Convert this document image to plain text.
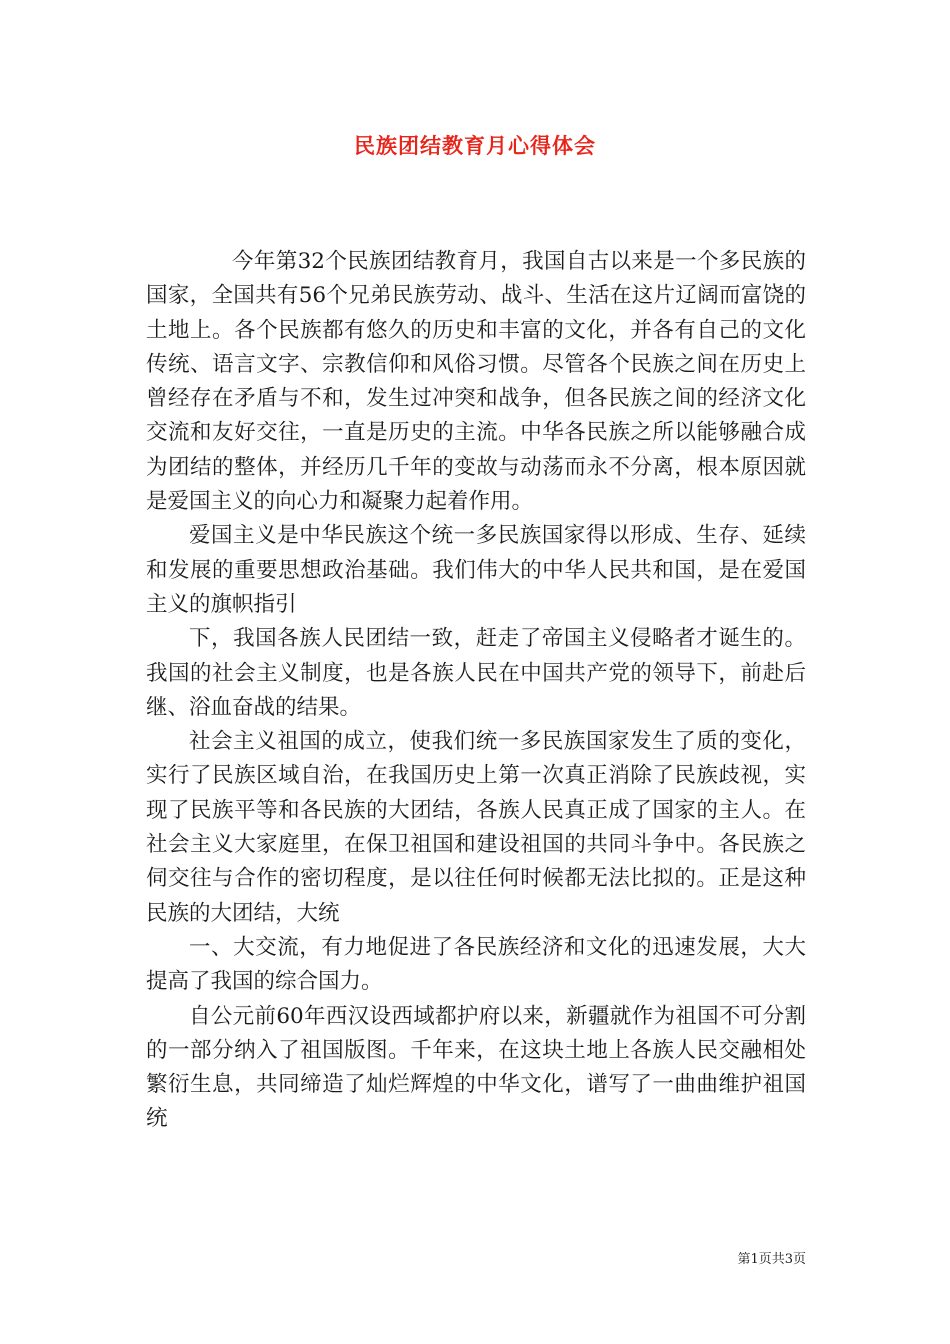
民族团结教育月心得体会

今年第32个民族团结教育月，我国自古以来是一个多民族的国家，全国共有56个兄弟民族劳动、战斗、生活在这片辽阔而富饶的土地上。各个民族都有悠久的历史和丰富的文化，并各有自己的文化传统、语言文字、宗教信仰和风俗习惯。尽管各个民族之间在历史上曾经存在矛盾与不和，发生过冲突和战争，但各民族之间的经济文化交流和友好交往，一直是历史的主流。中华各民族之所以能够融合成为团结的整体，并经历几千年的变故与动荡而永不分离，根本原因就是爱国主义的向心力和凝聚力起着作用。

爱国主义是中华民族这个统一多民族国家得以形成、生存、延续和发展的重要思想政治基础。我们伟大的中华人民共和国，是在爱国主义的旗帜指引

下，我国各族人民团结一致，赶走了帝国主义侵略者才诞生的。我国的社会主义制度，也是各族人民在中国共产党的领导下，前赴后继、浴血奋战的结果。

社会主义祖国的成立，使我们统一多民族国家发生了质的变化，实行了民族区域自治，在我国历史上第一次真正消除了民族歧视，实现了民族平等和各民族的大团结，各族人民真正成了国家的主人。在社会主义大家庭里，在保卫祖国和建设祖国的共同斗争中。各民族之伺交往与合作的密切程度，是以往任何时候都无法比拟的。正是这种民族的大团结，大统

一、大交流，有力地促进了各民族经济和文化的迅速发展，大大提高了我国的综合国力。

自公元前60年西汉设西域都护府以来，新疆就作为祖国不可分割的一部分纳入了祖国版图。千年来，在这块土地上各族人民交融相处繁衍生息，共同缔造了灿烂辉煌的中华文化，谱写了一曲曲维护祖国统

第1页共3页
